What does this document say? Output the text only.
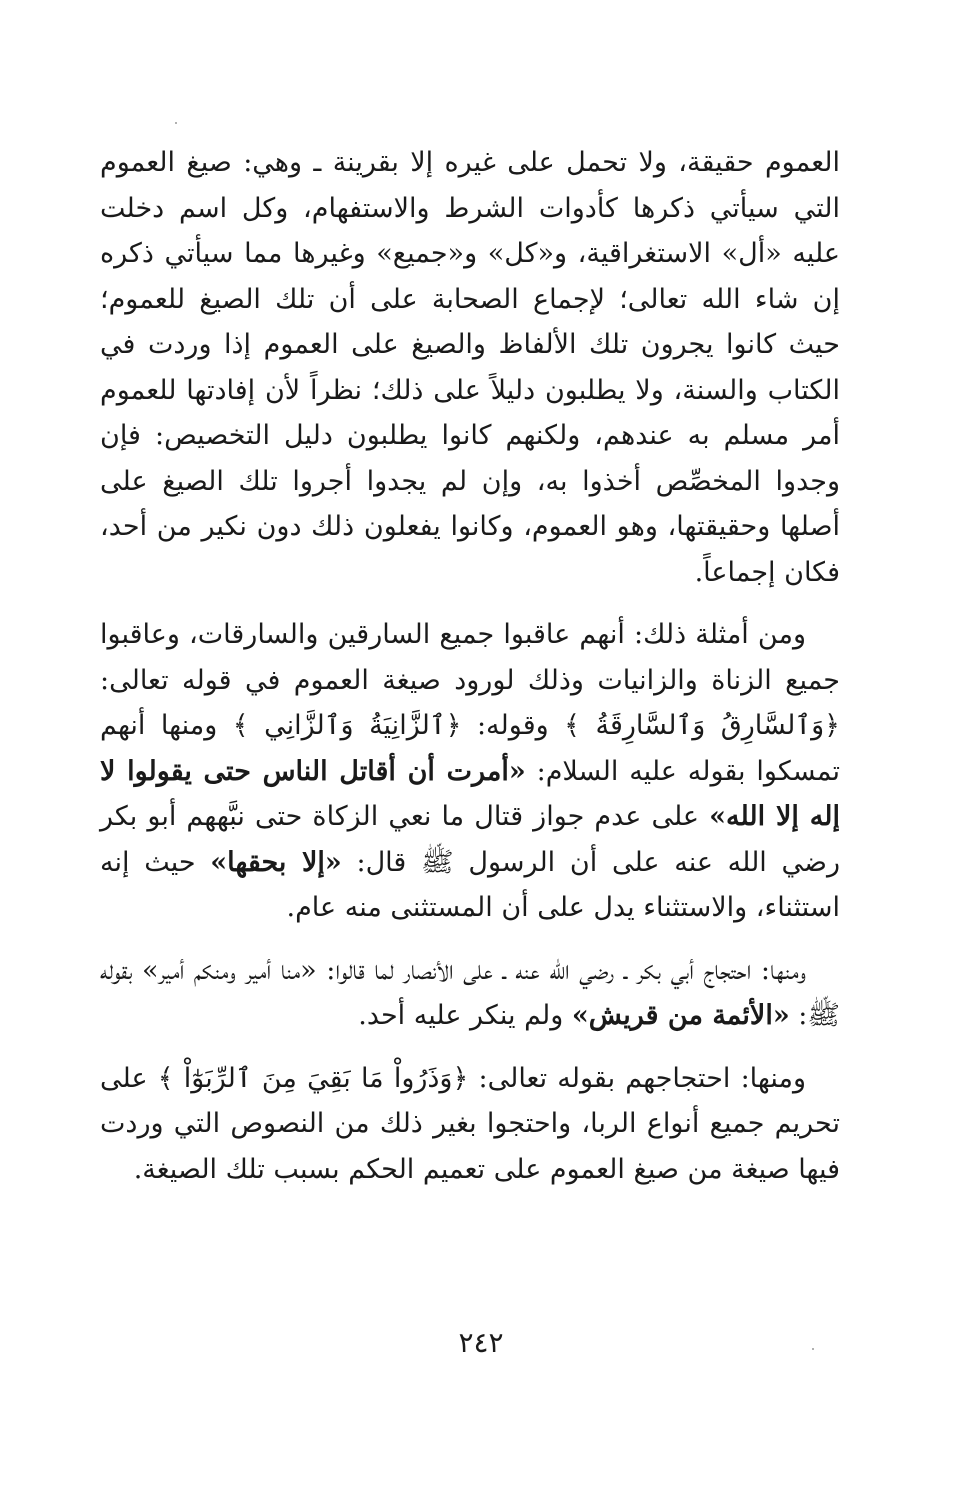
العموم حقيقة، ولا تحمل على غيره إلا بقرينة ـ وهي: صيغ العموم التي سيأتي ذكرها كأدوات الشرط والاستفهام، وكل اسم دخلت عليه «أل» الاستغراقية، و«كل» و«جميع» وغيرها مما سيأتي ذكره إن شاء الله تعالى؛ لإجماع الصحابة على أن تلك الصيغ للعموم؛ حيث كانوا يجرون تلك الألفاظ والصيغ على العموم إذا وردت في الكتاب والسنة، ولا يطلبون دليلاً على ذلك؛ نظراً لأن إفادتها للعموم أمر مسلم به عندهم، ولكنهم كانوا يطلبون دليل التخصيص: فإن وجدوا المخصِّص أخذوا به، وإن لم يجدوا أجروا تلك الصيغ على أصلها وحقيقتها، وهو العموم، وكانوا يفعلون ذلك دون نكير من أحد، فكان إجماعاً.

ومن أمثلة ذلك: أنهم عاقبوا جميع السارقين والسارقات، وعاقبوا جميع الزناة والزانيات وذلك لورود صيغة العموم في قوله تعالى: ﴿وَٱلسَّارِقُ وَٱلسَّارِقَةُ ﴾ وقوله: ﴿ٱلزَّانِيَةُ وَٱلزَّانِي ﴾ ومنها أنهم تمسكوا بقوله عليه السلام: «أمرت أن أقاتل الناس حتى يقولوا لا إله إلا الله» على عدم جواز قتال ما نعي الزكاة حتى نبَّههم أبو بكر رضي الله عنه على أن الرسول ﷺ قال: «إلا بحقها» حيث إنه استثناء، والاستثناء يدل على أن المستثنى منه عام.

ومنها: احتجاج أبي بكر ـ رضي الله عنه ـ على الأنصار لما قالوا: «منا أمير ومنكم أمير» بقوله ﷺ: «الأئمة من قريش» ولم ينكر عليه أحد.

ومنها: احتجاجهم بقوله تعالى: ﴿وَذَرُواْ مَا بَقِيَ مِنَ ٱلرِّبَوٰٓاْ ﴾ على تحريم جميع أنواع الربا، واحتجوا بغير ذلك من النصوص التي وردت فيها صيغة من صيغ العموم على تعميم الحكم بسبب تلك الصيغة.

٢٤٢
